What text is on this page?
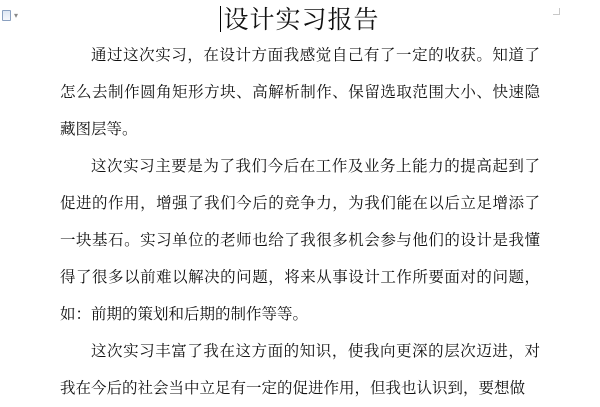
▾	设计实习报告

通过这次实习，在设计方面我感觉自己有了一定的收获。知道了怎么去制作圆角矩形方块、高解析制作、保留选取范围大小、快速隐藏图层等。

这次实习主要是为了我们今后在工作及业务上能力的提高起到了促进的作用，增强了我们今后的竞争力，为我们能在以后立足增添了一块基石。实习单位的老师也给了我很多机会参与他们的设计是我懂得了很多以前难以解决的问题，将来从事设计工作所要面对的问题，如：前期的策划和后期的制作等等。

这次实习丰富了我在这方面的知识，使我向更深的层次迈进，对我在今后的社会当中立足有一定的促进作用，但我也认识到，要想做
